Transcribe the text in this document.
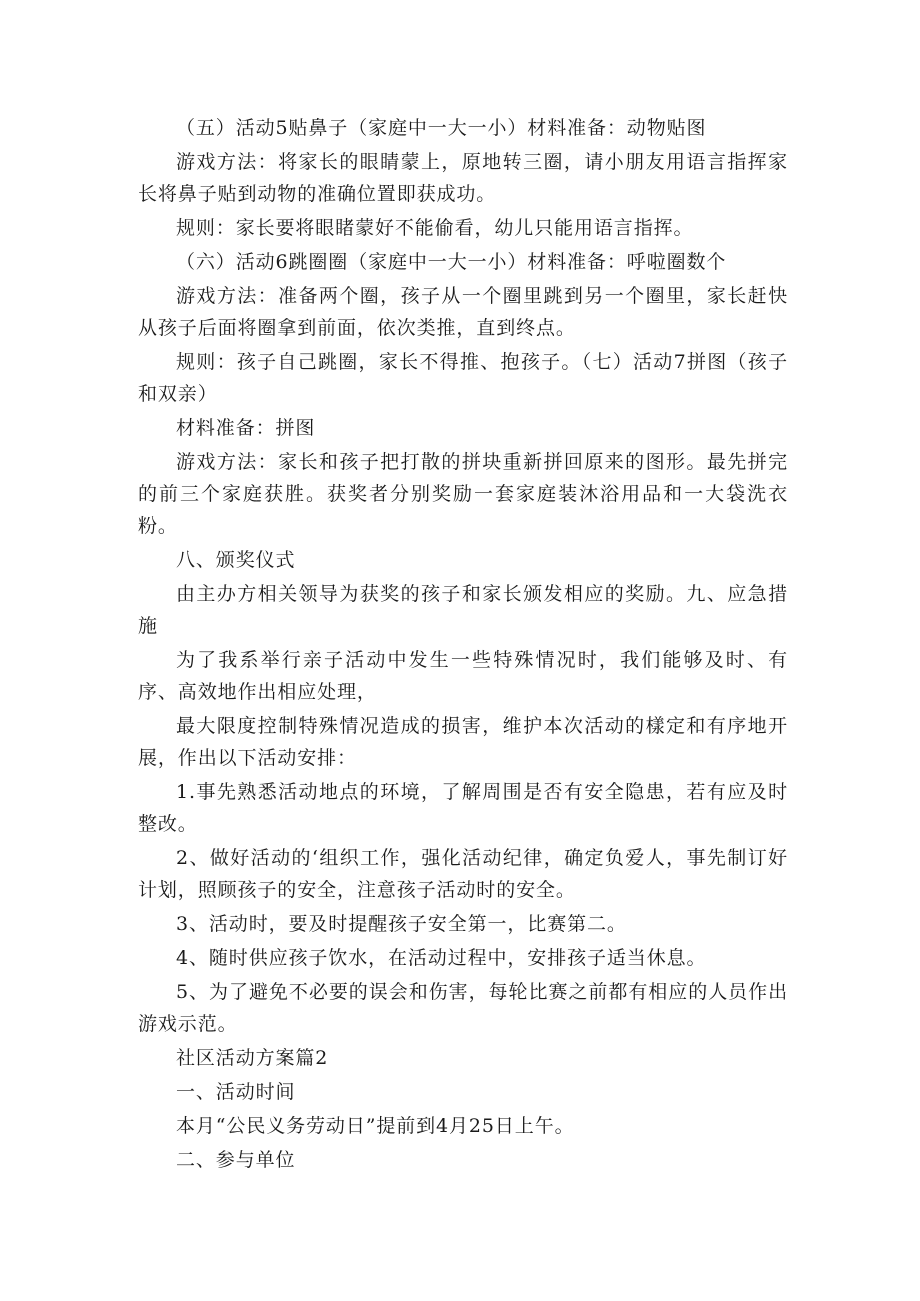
（五）活动5贴鼻子（家庭中一大一小）材料准备：动物贴图

游戏方法：将家长的眼睛蒙上，原地转三圈，请小朋友用语言指挥家长将鼻子贴到动物的准确位置即获成功。

规则：家长要将眼睹蒙好不能偷看，幼儿只能用语言指挥。

（六）活动6跳圈圈（家庭中一大一小）材料准备：呼啦圈数个

游戏方法：准备两个圈，孩子从一个圈里跳到另一个圈里，家长赶快从孩子后面将圈拿到前面，依次类推，直到终点。

规则：孩子自己跳圈，家长不得推、抱孩子。（七）活动7拼图（孩子和双亲）

材料准备：拼图

游戏方法：家长和孩子把打散的拼块重新拼回原来的图形。最先拼完的前三个家庭获胜。获奖者分别奖励一套家庭装沐浴用品和一大袋洗衣粉。

八、颁奖仪式

由主办方相关领导为获奖的孩子和家长颁发相应的奖励。九、应急措施

为了我系举行亲子活动中发生一些特殊情况时，我们能够及时、有序、高效地作出相应处理，

最大限度控制特殊情况造成的损害，维护本次活动的樣定和有序地开展，作出以下活动安排：

1.事先熟悉活动地点的环境，了解周围是否有安全隐患，若有应及时整改。

2、做好活动的‘组织工作，强化活动纪律，确定负爱人，事先制订好计划，照顾孩子的安全，注意孩子活动时的安全。

3、活动时，要及时提醒孩子安全第一，比赛第二。

4、随时供应孩子饮水，在活动过程中，安排孩子适当休息。

5、为了避免不必要的误会和伤害，每轮比赛之前都有相应的人员作出游戏示范。

社区活动方案篇2

一、活动时间

本月“公民义务劳动日”提前到4月25日上午。

二、参与单位
